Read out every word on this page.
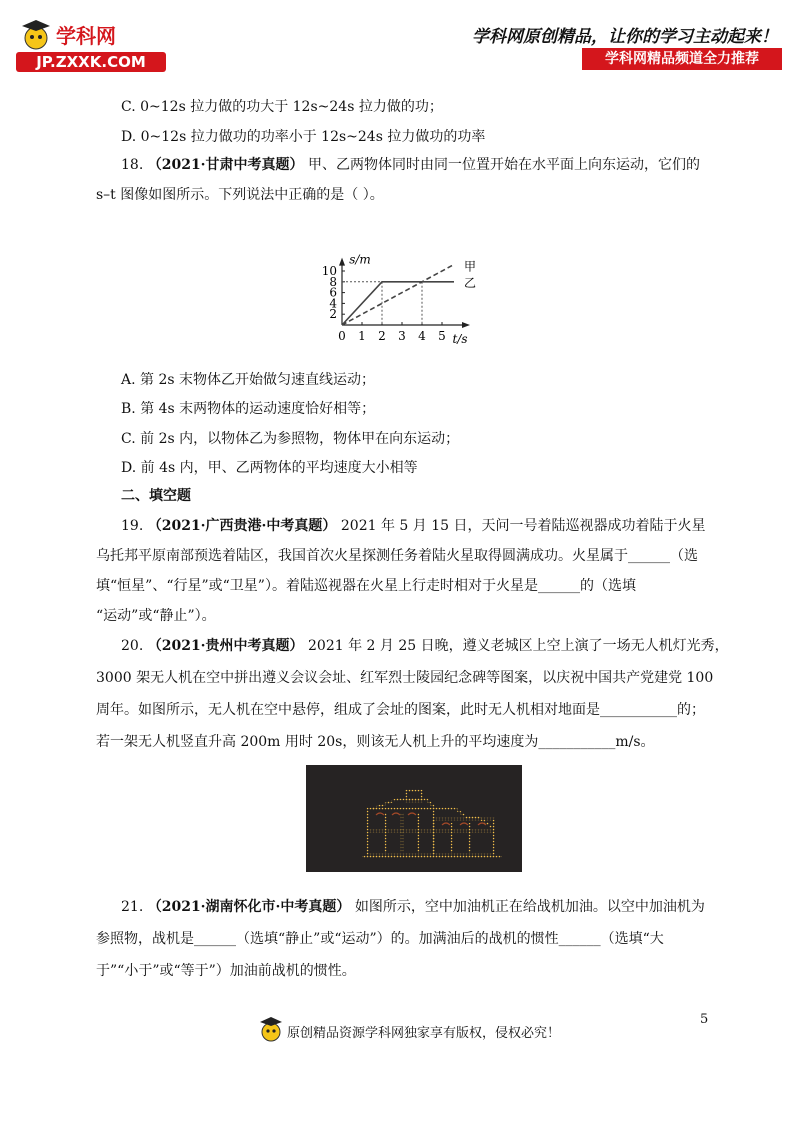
学科网
JP.ZXXK.COM
学科网原创精品，让你的学习主动起来！
学科网精品频道全力推荐
C. 0~12s 拉力做的功大于 12s~24s 拉力做的功；
D. 0~12s 拉力做功的功率小于 12s~24s 拉力做功的功率
18. （2021·甘肃中考真题） 甲、乙两物体同时由同一位置开始在水平面上向东运动，它们的
s–t 图像如图所示。下列说法中正确的是（ ）。
s/m
t/s
0 1 2 3 4 5
2
4
6
8
10	甲
乙
A. 第 2s 末物体乙开始做匀速直线运动；
B. 第 4s 末两物体的运动速度恰好相等；
C. 前 2s 内，以物体乙为参照物，物体甲在向东运动；
D. 前 4s 内，甲、乙两物体的平均速度大小相等
二、填空题
19. （2021·广西贵港·中考真题） 2021 年 5 月 15 日，天问一号着陆巡视器成功着陆于火星
乌托邦平原南部预选着陆区，我国首次火星探测任务着陆火星取得圆满成功。火星属于______（选
填“恒星”、“行星”或“卫星”）。着陆巡视器在火星上行走时相对于火星是______的（选填
“运动”或“静止”）。
20. （2021·贵州中考真题） 2021 年 2 月 25 日晚，遵义老城区上空上演了一场无人机灯光秀，
3000 架无人机在空中拼出遵义会议会址、红军烈士陵园纪念碑等图案，以庆祝中国共产党建党 100
周年。如图所示，无人机在空中悬停，组成了会址的图案，此时无人机相对地面是___________的；
若一架无人机竖直升高 200m 用时 20s，则该无人机上升的平均速度为___________m/s。
21. （2021·湖南怀化市·中考真题） 如图所示，空中加油机正在给战机加油。以空中加油机为
参照物，战机是______（选填“静止”或“运动”）的。加满油后的战机的惯性______（选填“大
于”“小于”或“等于”）加油前战机的惯性。
5
原创精品资源学科网独家享有版权，侵权必究！
